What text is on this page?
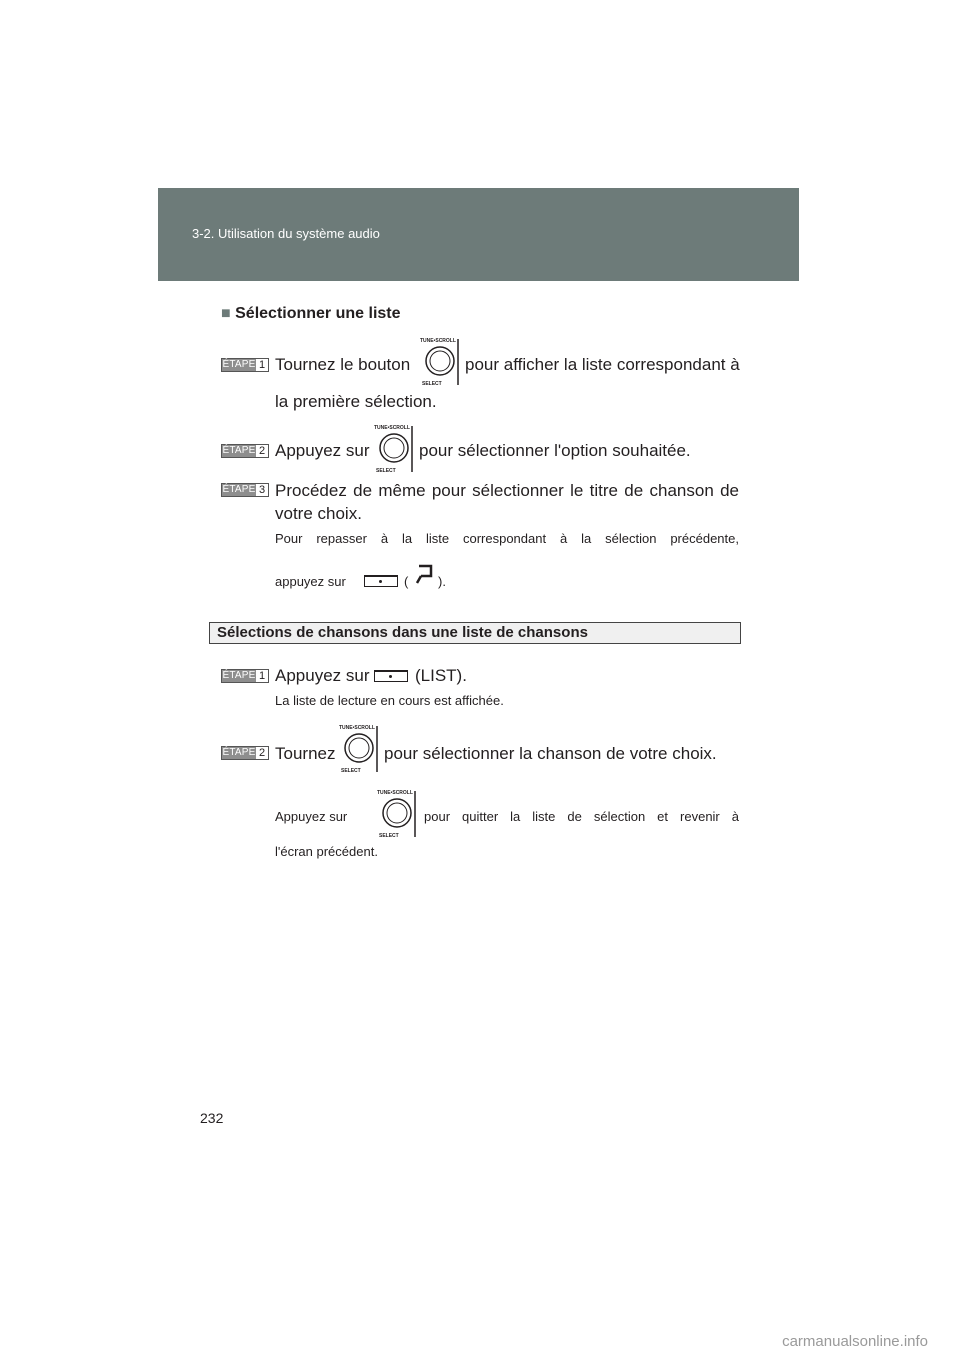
3-2. Utilisation du système audio
■ Sélectionner une liste
ÉTAPE 1 Tournez le bouton
TUNE•SCROLL
SELECT
pour afficher la liste correspondant à
la première sélection.
ÉTAPE 2 Appuyez sur
TUNE•SCROLL
SELECT
pour sélectionner l'option souhaitée.
ÉTAPE 3 Procédez de même pour sélectionner le titre de chanson de
votre choix.
Pour repasser à la liste correspondant à la sélection précédente,
appuyez sur	( ).
Sélections de chansons dans une liste de chansons
ÉTAPE 1 Appuyez sur	(LIST).
La liste de lecture en cours est affichée.
ÉTAPE 2 Tournez
TUNE•SCROLL
SELECT
pour sélectionner la chanson de votre choix.
Appuyez sur
TUNE•SCROLL
SELECT
pour quitter la liste de sélection et revenir à
l'écran précédent.
232
carmanualsonline.info
